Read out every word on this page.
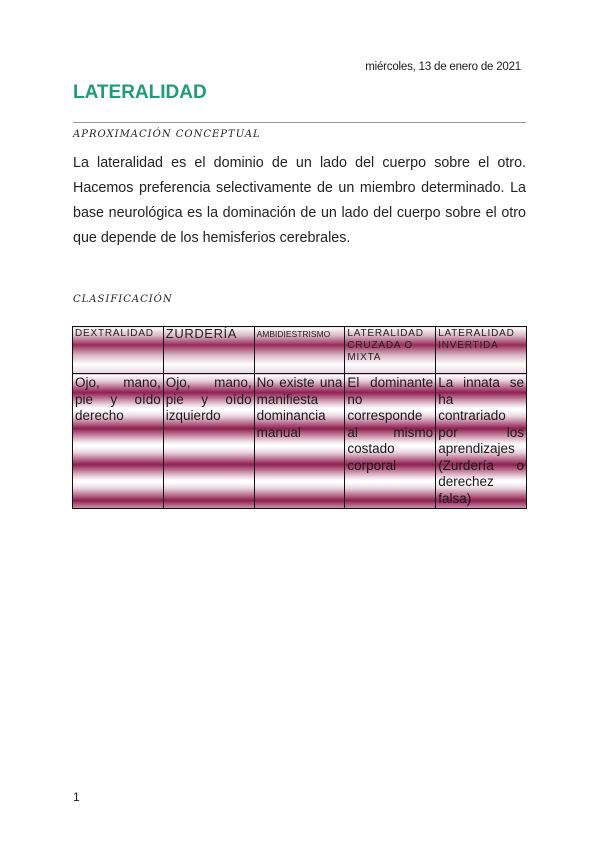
miércoles, 13 de enero de 2021
LATERALIDAD
APROXIMACIÓN CONCEPTUAL
La lateralidad es el dominio de un lado del cuerpo sobre el otro. Hacemos preferencia selectivamente de un miembro determinado. La base neurológica es la dominación de un lado del cuerpo sobre el otro que depende de los hemisferios cerebrales.
CLASIFICACIÓN
DEXTRALIDAD	ZURDERÍA	AMBIDIESTRISMO	LATERALIDAD CRUZADA O MIXTA	LATERALIDAD INVERTIDA
Ojo, mano, pie y oído derecho	Ojo, mano, pie y oído izquierdo	No existe una manifiesta dominancia manual	El dominante no corresponde al mismo costado corporal	La innata se ha contrariado por los aprendizajes (Zurdería o derechez falsa)
1
